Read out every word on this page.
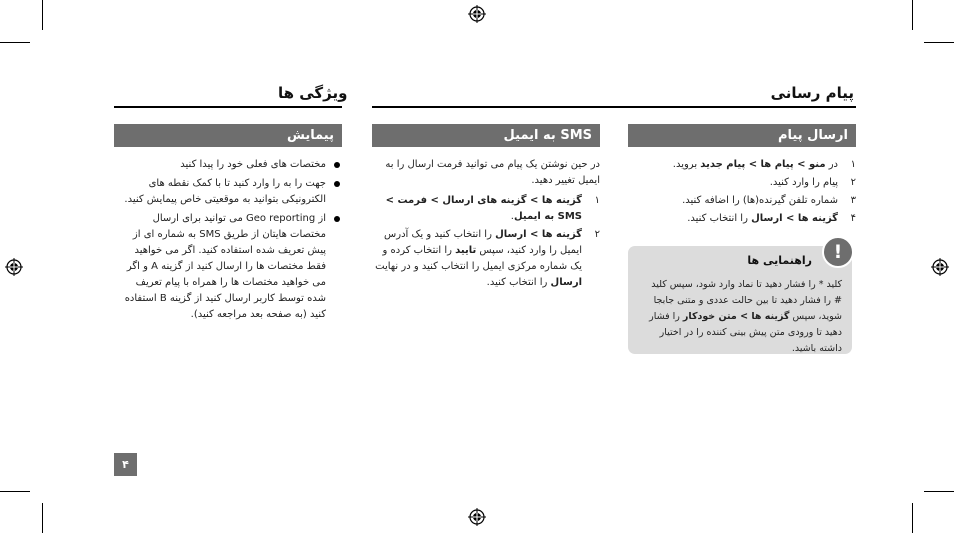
پیام رسانی
ویژگی ها
ارسال پیام
SMS به ایمیل
پیمایش
۱
در منو > پیام ها > پیام جدید بروید.
۲
پیام را وارد کنید.
۳
شماره تلفن گیرنده(ها) را اضافه کنید.
۴
گزینه ها > ارسال را انتخاب کنید.
!
راهنمایی ها
کلید * را فشار دهید تا نماد وارد شود، سپس کلید
# را فشار دهید تا بین حالت عددی و متنی جابجا
شوید، سپس گزینه ها > متن خودکار را فشار
دهید تا ورودی متن پیش بینی کننده را در اختیار
داشته باشید.
در حین نوشتن یک پیام می توانید فرمت ارسال را به ایمیل تغییر دهید.
۱
گزینه ها > گزینه های ارسال > فرمت > SMS به ایمیل.
۲
گزینه ها > ارسال را انتخاب کنید و یک آدرس ایمیل را وارد کنید، سپس تایید را انتخاب کرده و یک شماره مرکزی ایمیل را انتخاب کنید و در نهایت ارسال را انتخاب کنید.
مختصات های فعلی خود را پیدا کنید
جهت را به را وارد کنید تا با کمک نقطه های الکترونیکی بتوانید به موقعیتی خاص پیمایش کنید.
از Geo reporting می توانید برای ارسال مختصات هایتان از طریق SMS به شماره ای از پیش تعریف شده استفاده کنید. اگر می خواهید فقط مختصات ها را ارسال کنید از گزینه A و اگر می خواهید مختصات ها را همراه با پیام تعریف شده توسط کاربر ارسال کنید از گزینه B استفاده کنید (به صفحه بعد مراجعه کنید).
۴
